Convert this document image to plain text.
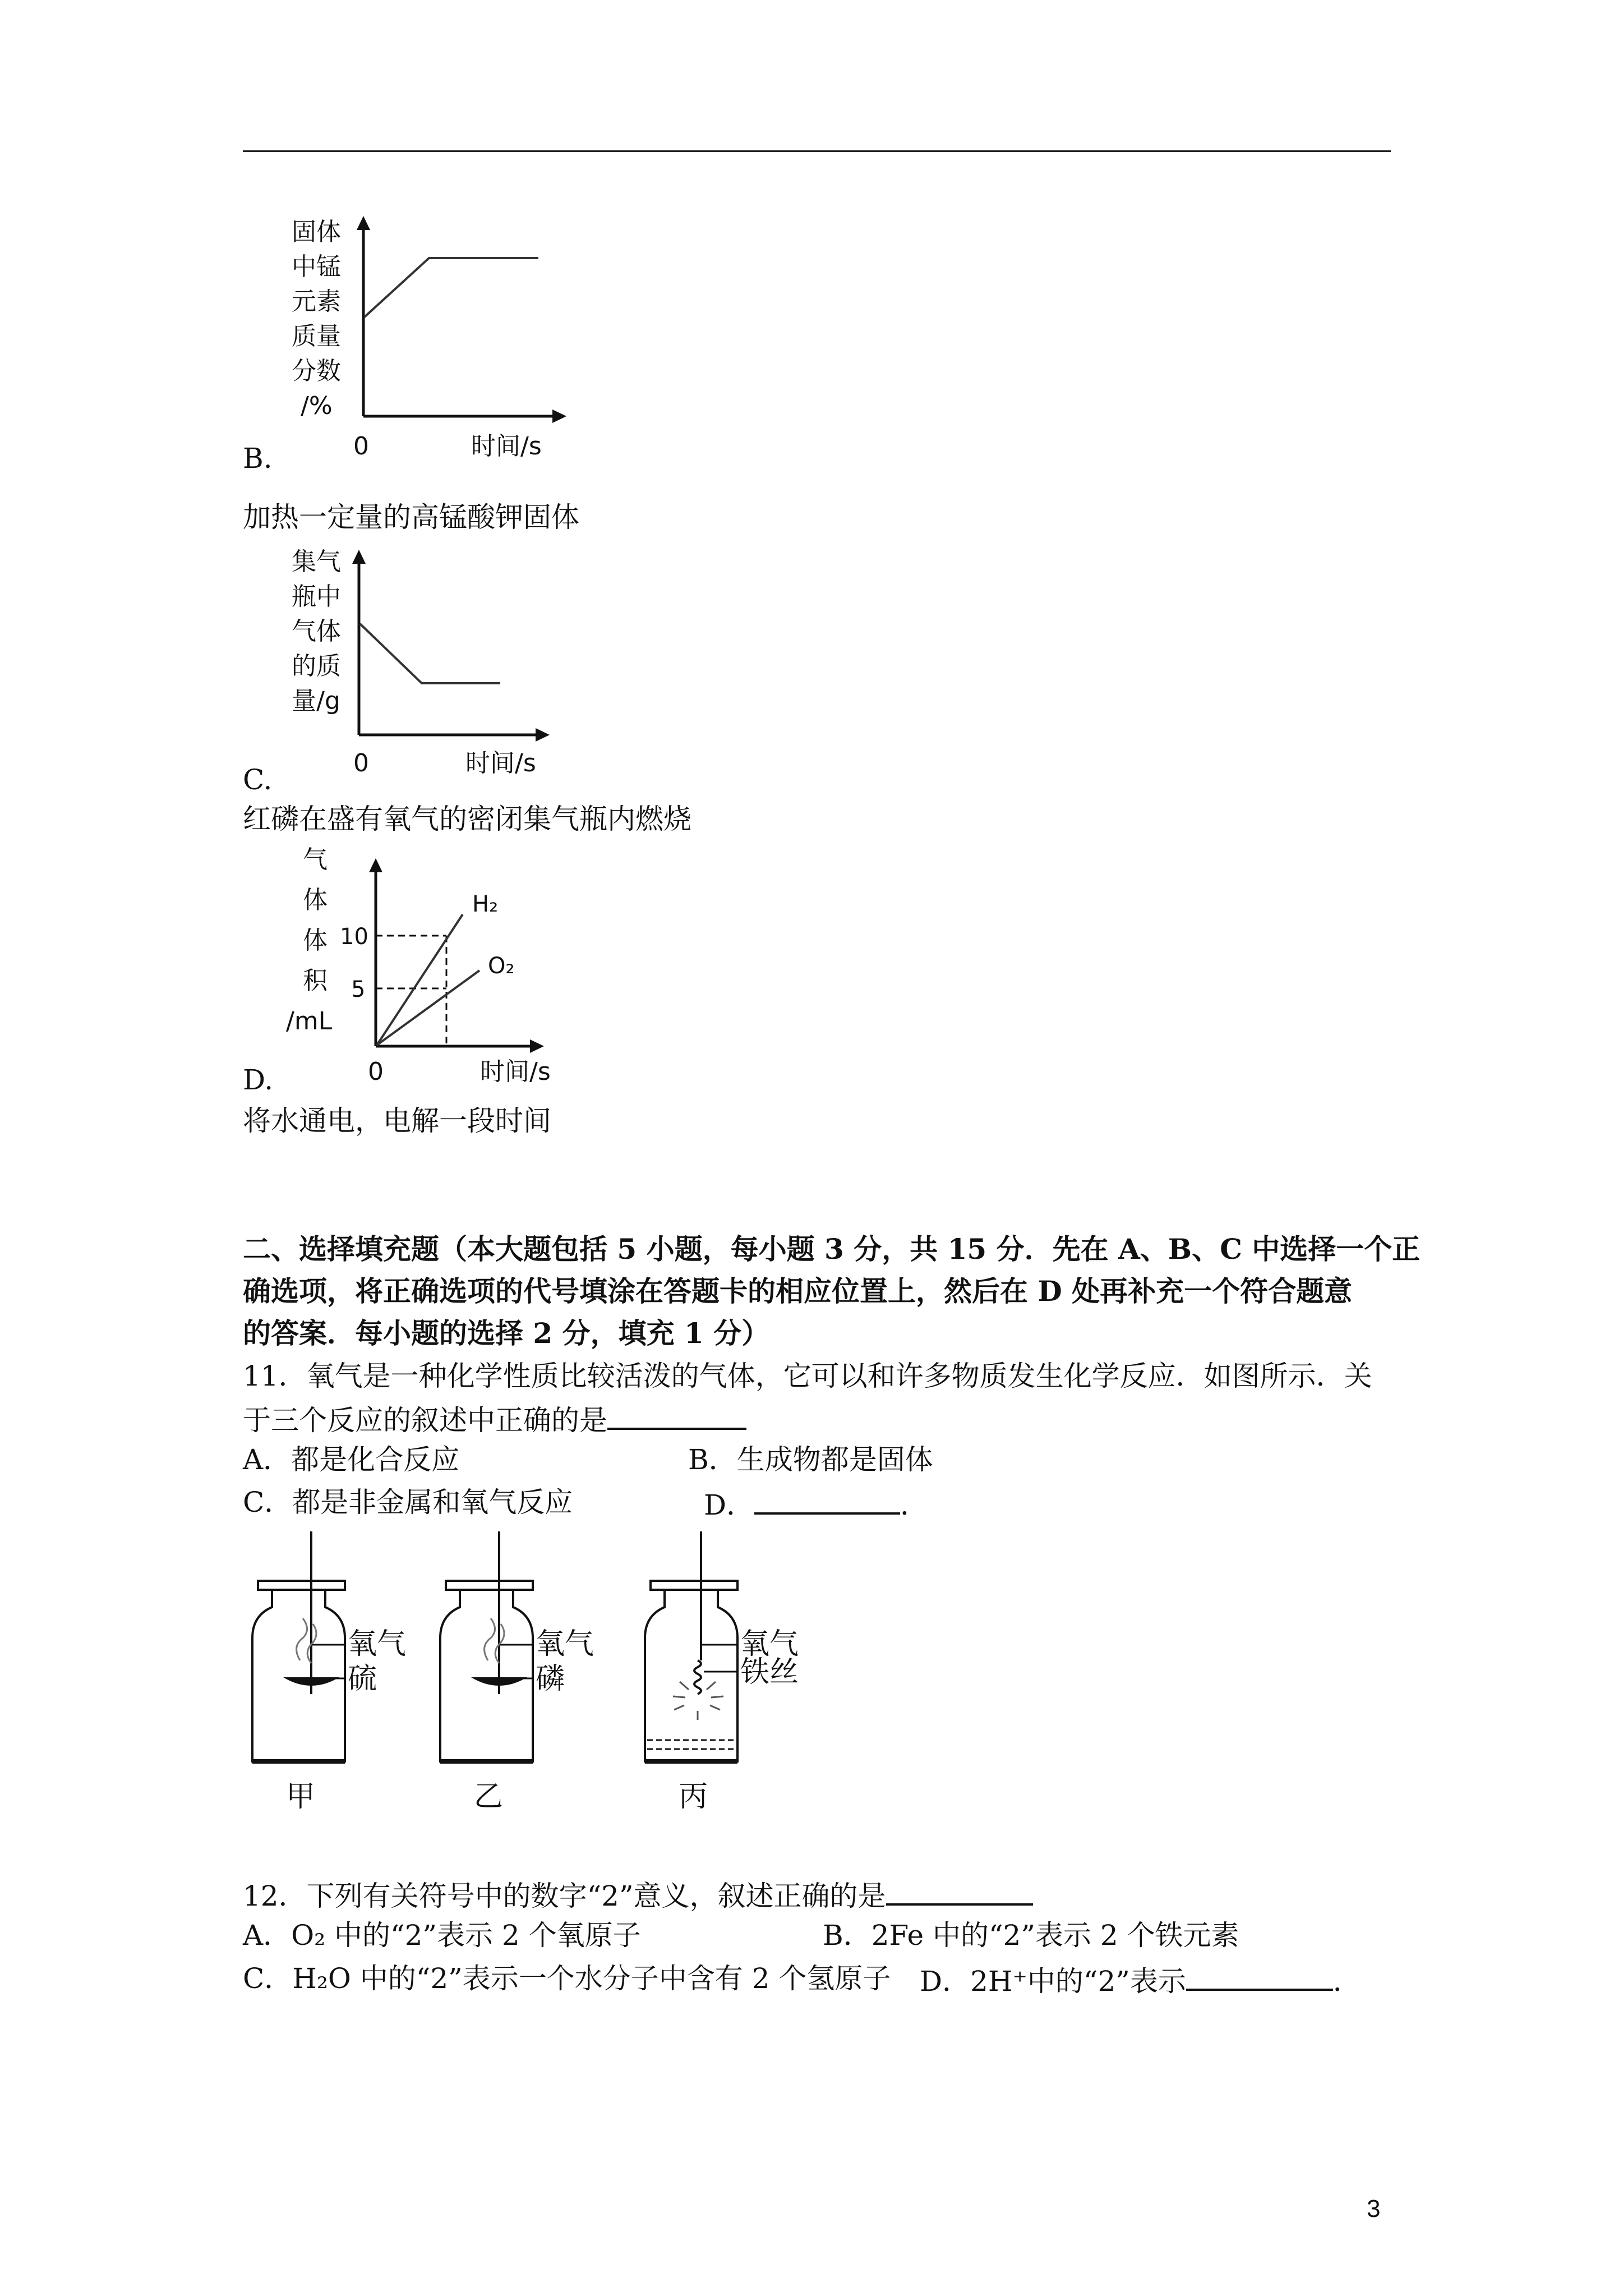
固体
中锰
元素
质量
分数
/%
0	时间/s
B.
加热一定量的高锰酸钾固体
集气
瓶中
气体
的质
量/g
0	时间/s
C.
红磷在盛有氧气的密闭集气瓶内燃烧
气
体
体
积
/mL
10
5
H₂
O₂
0	时间/s
D.
将水通电，电解一段时间
二、选择填充题（本大题包括 5 小题，每小题 3 分，共 15 分．先在 A、B、C 中选择一个正
确选项，将正确选项的代号填涂在答题卡的相应位置上，然后在 D 处再补充一个符合题意
的答案．每小题的选择 2 分，填充 1 分）
11．氧气是一种化学性质比较活泼的气体，它可以和许多物质发生化学反应．如图所示．关
于三个反应的叙述中正确的是
A．都是化合反应	B．生成物都是固体
C．都是非金属和氧气反应	D．	．
氧气
硫
甲
氧气
磷
乙
氧气
铁丝
丙
12．下列有关符号中的数字“2”意义，叙述正确的是
A．O₂ 中的“2”表示 2 个氧原子	B．2Fe 中的“2”表示 2 个铁元素
C．H₂O 中的“2”表示一个水分子中含有 2 个氢原子 D．2H⁺中的“2”表示	．
3
